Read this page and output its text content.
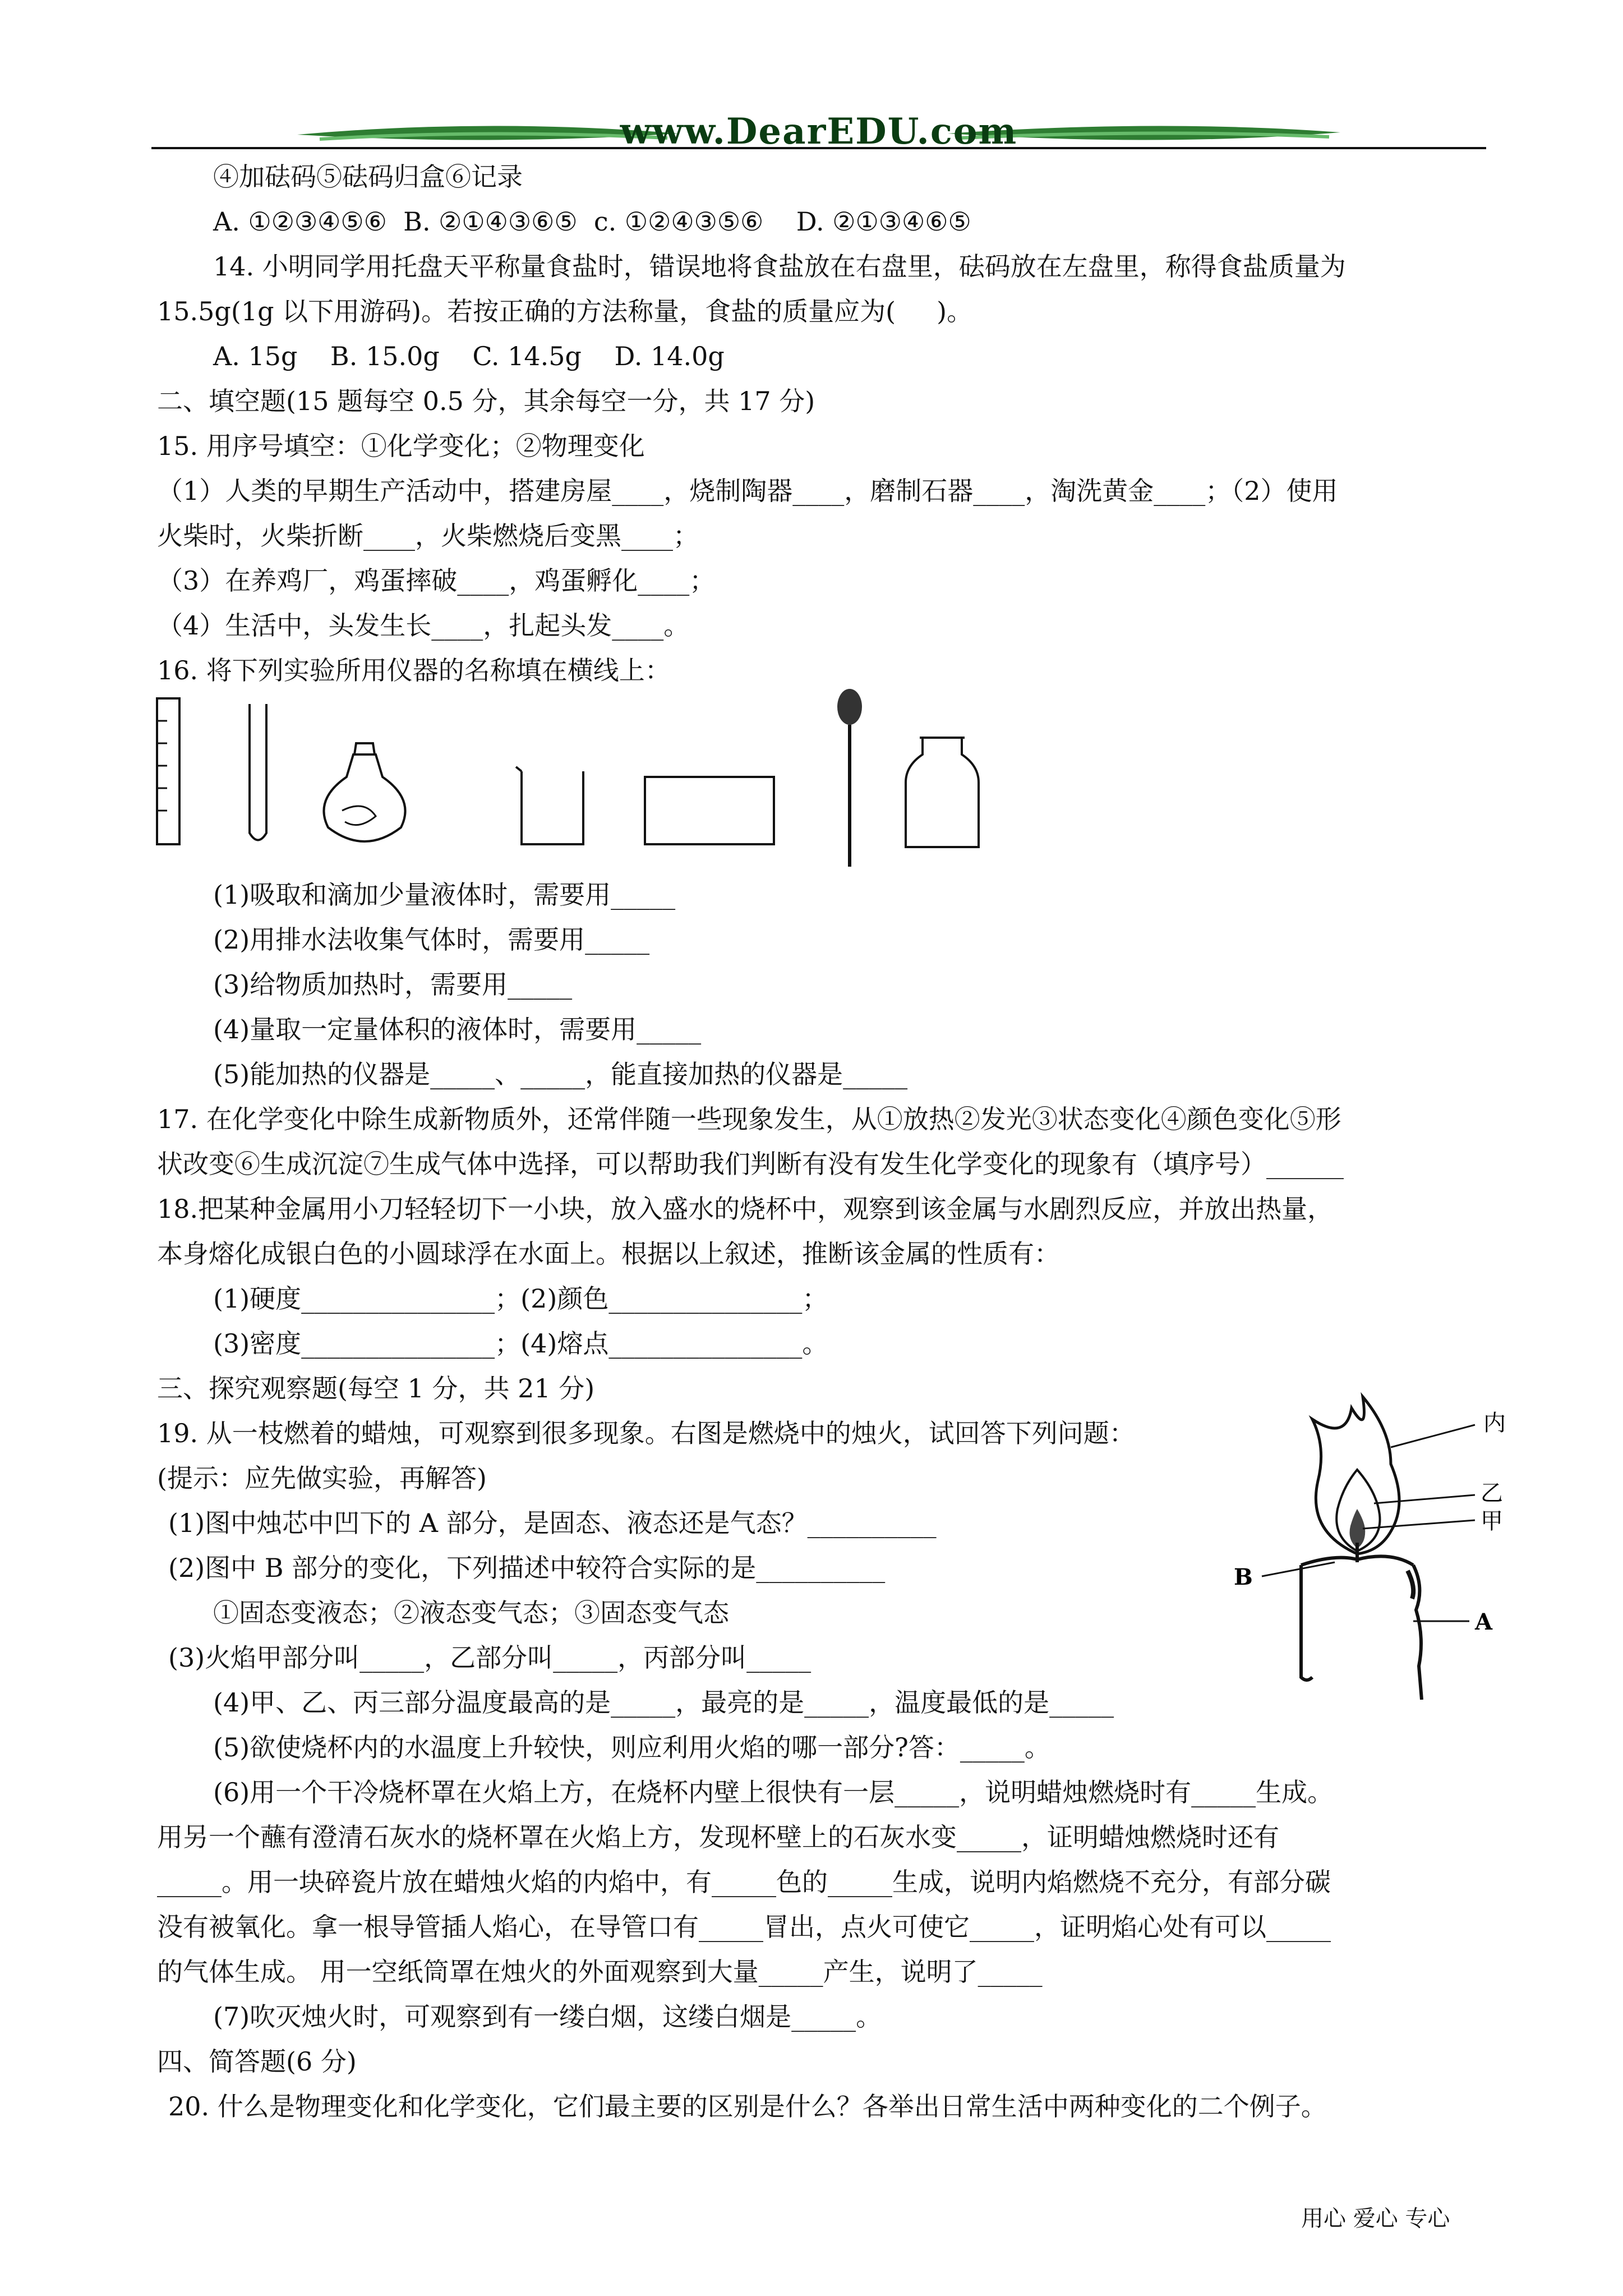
www.DearEDU.com
④加砝码⑤砝码归盒⑥记录
A. ①②③④⑤⑥  B. ②①④③⑥⑤  c. ①②④③⑤⑥    D. ②①③④⑥⑤
14. 小明同学用托盘天平称量食盐时，错误地将食盐放在右盘里，砝码放在左盘里，称得食盐质量为
15.5g(1g 以下用游码)。若按正确的方法称量，食盐的质量应为(     )。
A. 15g    B. 15.0g    C. 14.5g    D. 14.0g
二、填空题(15 题每空 0.5 分，其余每空一分，共 17 分)
15. 用序号填空：①化学变化；②物理变化
（1）人类的早期生产活动中，搭建房屋____，烧制陶器____，磨制石器____，淘洗黄金____；（2）使用
火柴时，火柴折断____，火柴燃烧后变黑____；
（3）在养鸡厂，鸡蛋摔破____，鸡蛋孵化____；
（4）生活中，头发生长____，扎起头发____。
16. 将下列实验所用仪器的名称填在横线上：
(1)吸取和滴加少量液体时，需要用_____
(2)用排水法收集气体时，需要用_____
(3)给物质加热时，需要用_____
(4)量取一定量体积的液体时，需要用_____
(5)能加热的仪器是_____、_____，能直接加热的仪器是_____
17. 在化学变化中除生成新物质外，还常伴随一些现象发生，从①放热②发光③状态变化④颜色变化⑤形
状改变⑥生成沉淀⑦生成气体中选择，可以帮助我们判断有没有发生化学变化的现象有（填序号）______
18.把某种金属用小刀轻轻切下一小块，放入盛水的烧杯中，观察到该金属与水剧烈反应，并放出热量，
本身熔化成银白色的小圆球浮在水面上。根据以上叙述，推断该金属的性质有：
(1)硬度_______________；(2)颜色_______________；
(3)密度_______________；(4)熔点_______________。
三、探究观察题(每空 1 分，共 21 分)
19. 从一枝燃着的蜡烛，可观察到很多现象。右图是燃烧中的烛火，试回答下列问题：
(提示：应先做实验，再解答)
(1)图中烛芯中凹下的 A 部分，是固态、液态还是气态？__________
(2)图中 B 部分的变化，下列描述中较符合实际的是__________
①固态变液态；②液态变气态；③固态变气态
(3)火焰甲部分叫_____，乙部分叫_____，丙部分叫_____
(4)甲、乙、丙三部分温度最高的是_____，最亮的是_____，温度最低的是_____
(5)欲使烧杯内的水温度上升较快，则应利用火焰的哪一部分?答：_____。
(6)用一个干冷烧杯罩在火焰上方，在烧杯内壁上很快有一层_____，说明蜡烛燃烧时有_____生成。
用另一个蘸有澄清石灰水的烧杯罩在火焰上方，发现杯壁上的石灰水变_____，证明蜡烛燃烧时还有
_____。用一块碎瓷片放在蜡烛火焰的内焰中，有_____色的_____生成，说明内焰燃烧不充分，有部分碳
没有被氧化。拿一根导管插人焰心，在导管口有_____冒出，点火可使它_____，证明焰心处有可以_____
的气体生成。 用一空纸筒罩在烛火的外面观察到大量_____产生，说明了_____
(7)吹灭烛火时，可观察到有一缕白烟，这缕白烟是_____。
四、简答题(6 分)
20. 什么是物理变化和化学变化，它们最主要的区别是什么？各举出日常生活中两种变化的二个例子。
内
乙
甲
B
A
用心 爱心 专心
